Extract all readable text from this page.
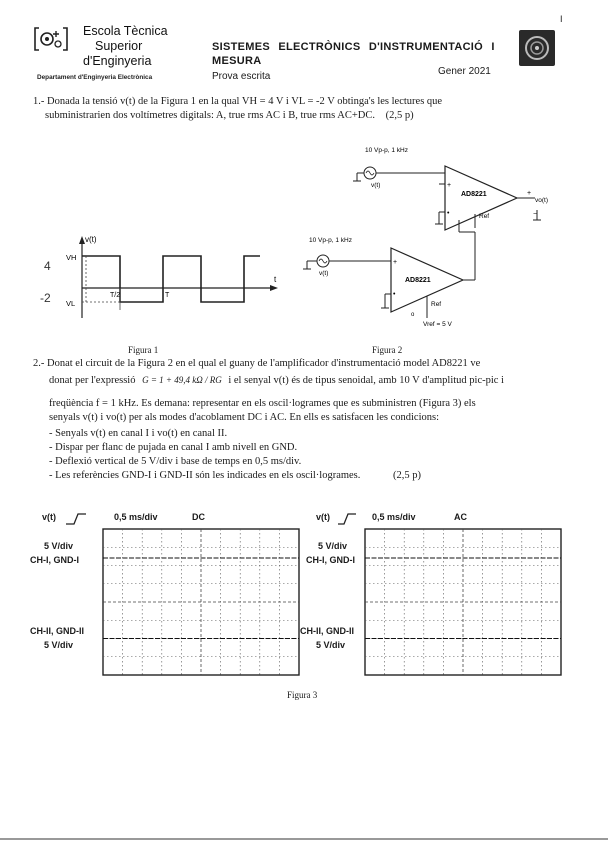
Escola Tècnica
Superior
d'Enginyeria
Departament d'Enginyeria Electrònica
SISTEMES ELECTRÒNICS D'INSTRUMENTACIÓ I
MESURA
Prova escrita	Gener 2021
I
1.- Donada la tensió v(t) de la Figura 1 en la qual VH = 4 V i VL = -2 V obtinga's les lectures que
subministrarien dos voltímetres digitals: A, true rms AC i B, true rms AC+DC. (2,5 p)
v(t)
VH
VL
T/2	T
t
4
-2
Figura 1
10 Vp-p, 1 kHz
v(t)	+
•
AD8221
Ref
+
vo(t)
−
10 Vp-p, 1 kHz
v(t)
+
•
AD8221
Ref
Vref = 5 V
o
Figura 2
2.- Donat el circuit de la Figura 2 en el qual el guany de l'amplificador d'instrumentació model AD8221 ve
donat per l'expressió G = 1 + 49,4 kΩ / RG i el senyal v(t) és de tipus senoidal, amb 10 V d'amplitud pic-pic i
freqüència f = 1 kHz. Es demana: representar en els oscil·logrames que es subministren (Figura 3) els
senyals v(t) i vo(t) per als modes d'acoblament DC i AC. En ells es satisfacen les condicions:
- Senyals v(t) en canal I i vo(t) en canal II.
- Dispar per flanc de pujada en canal I amb nivell en GND.
- Deflexió vertical de 5 V/div i base de temps en 0,5 ms/div.
- Les referències GND-I i GND-II són les indicades en els oscil·logrames.	(2,5 p)
v(t)	0,5 ms/div	DC
5 V/div
CH-I, GND-I
CH-II, GND-II
5 V/div
v(t)	0,5 ms/div	AC
5 V/div
CH-I, GND-I
CH-II, GND-II
5 V/div
Figura 3
